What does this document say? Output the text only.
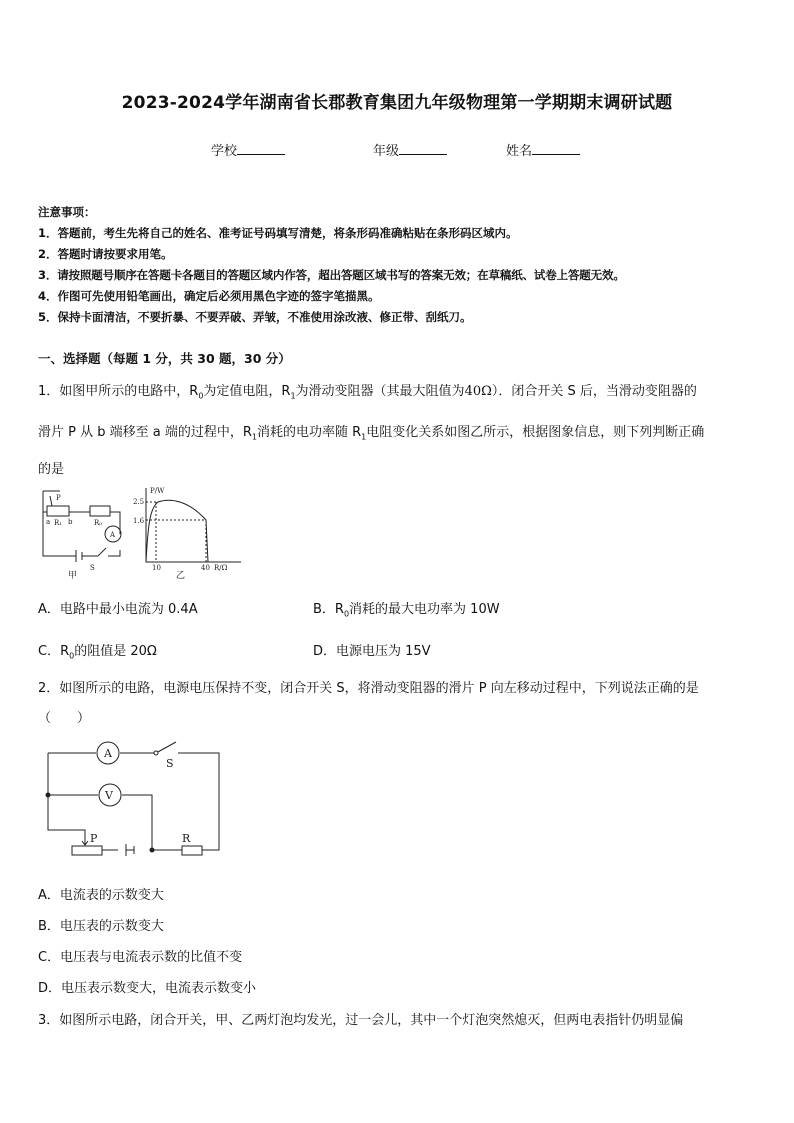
2023-2024学年湖南省长郡教育集团九年级物理第一学期期末调研试题
学校	年级	姓名
注意事项：
1．答题前，考生先将自己的姓名、准考证号码填写清楚，将条形码准确粘贴在条形码区域内。
2．答题时请按要求用笔。
3．请按照题号顺序在答题卡各题目的答题区域内作答，超出答题区域书写的答案无效；在草稿纸、试卷上答题无效。
4．作图可先使用铅笔画出，确定后必须用黑色字迹的签字笔描黑。
5．保持卡面清洁，不要折暴、不要弄破、弄皱，不准使用涂改液、修正带、刮纸刀。
一、选择题（每题 1 分，共 30 题，30 分）
1．如图甲所示的电路中，$R_0$为定值电阻，$R_1$为滑动变阻器（其最大阻值为40Ω）．闭合开关 S 后，当滑动变阻器的
滑片 P 从 b 端移至 a 端的过程中，$R_1$消耗的电功率随 $R_1$电阻变化关系如图乙所示，根据图象信息，则下列判断正确
的是
P
a	b
R₁	R₀
A
S
甲
P/W
2.5
1.6
10	40 R/Ω
乙
A．电路中最小电流为 0.4A	B．$R_0$消耗的最大电功率为 10W
C．$R_0$的阻值是 20Ω	D．电源电压为 15V
2．如图所示的电路，电源电压保持不变，闭合开关 S，将滑动变阻器的滑片 P 向左移动过程中，下列说法正确的是
（　　）
A
V
S
P	R
A．电流表的示数变大
B．电压表的示数变大
C．电压表与电流表示数的比值不变
D．电压表示数变大，电流表示数变小
3．如图所示电路，闭合开关，甲、乙两灯泡均发光，过一会儿，其中一个灯泡突然熄灭，但两电表指针仍明显偏
